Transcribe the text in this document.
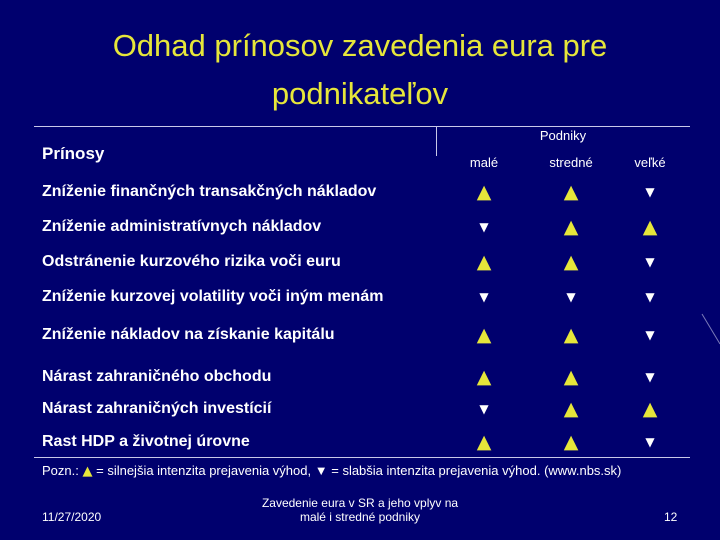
Odhad prínosov zavedenia eura pre
podnikateľov
Prínosy
Podniky
malé	stredné	veľké
Zníženie finančných transakčných nákladov	▲	▲	▼
Zníženie administratívnych nákladov	▼	▲	▲
Odstránenie kurzového rizika voči euru	▲	▲	▼
Zníženie kurzovej volatility voči iným menám	▼	▼	▼
Zníženie nákladov na získanie kapitálu	▲	▲	▼
Nárast zahraničného obchodu	▲	▲	▼
Nárast zahraničných investícií	▼	▲	▲
Rast HDP a životnej úrovne	▲	▲	▼
Pozn.: ▲ = silnejšia intenzita prejavenia výhod, ▼ = slabšia intenzita prejavenia výhod. (www.nbs.sk)
11/27/2020
Zavedenie eura v SR a jeho vplyv na
malé i stredné podniky	12
